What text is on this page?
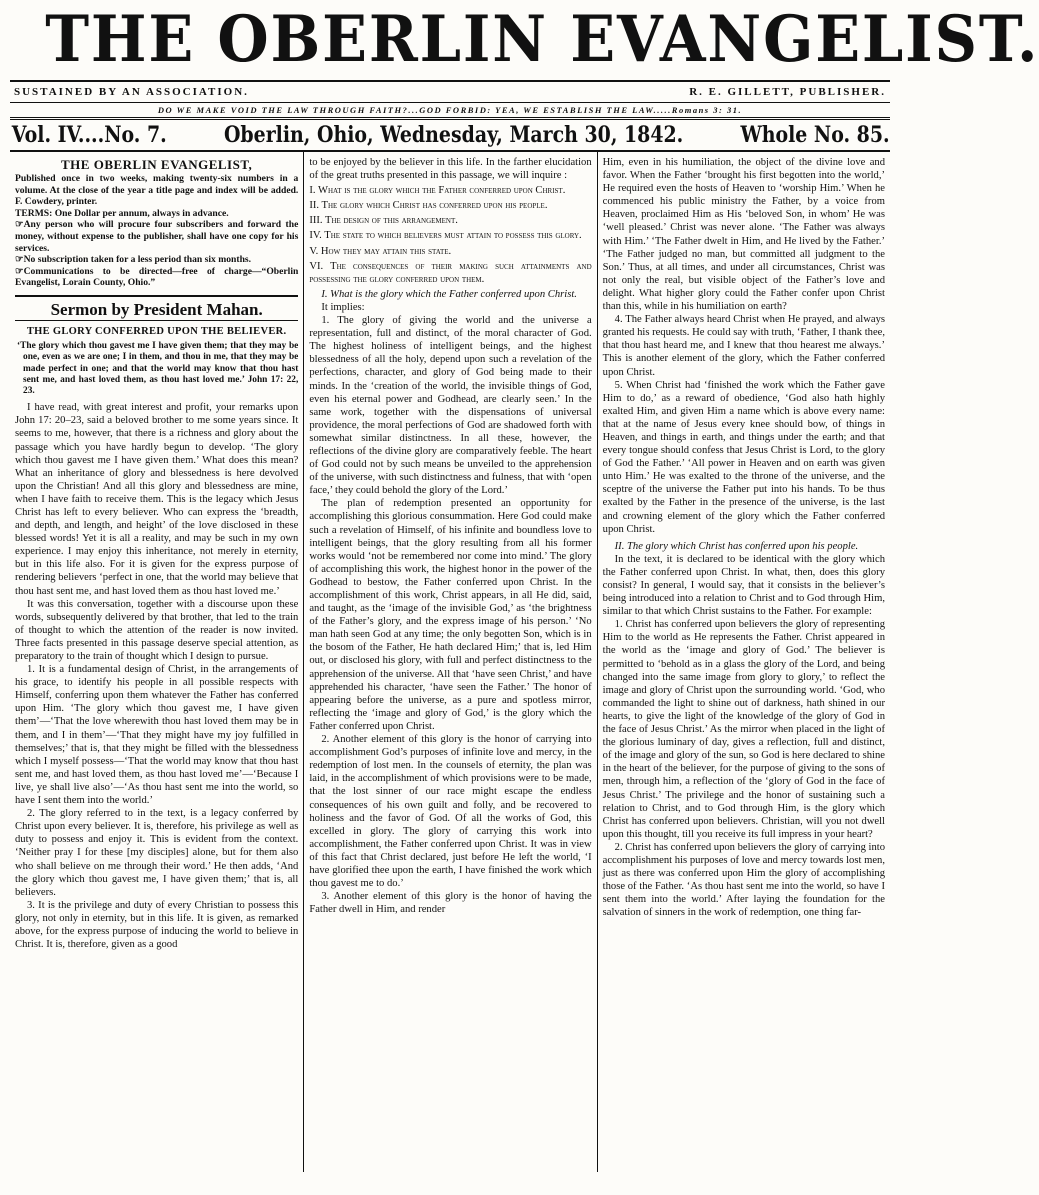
THE OBERLIN EVANGELIST.
SUSTAINED BY AN ASSOCIATION.	R. E. GILLETT, PUBLISHER.
DO WE MAKE VOID THE LAW THROUGH FAITH?...GOD FORBID: YEA, WE ESTABLISH THE LAW.....Romans 3: 31.
Vol. IV....No. 7.	Oberlin, Ohio, Wednesday, March 30, 1842.	Whole No. 85.
THE OBERLIN EVANGELIST,

Published once in two weeks, making twenty-six numbers in a volume. At the close of the year a title page and index will be added. F. Cowdery, printer.

TERMS: One Dollar per annum, always in advance.

☞Any person who will procure four subscribers and forward the money, without expense to the publisher, shall have one copy for his services.

☞No subscription taken for a less period than six months.

☞Communications to be directed—free of charge—“Oberlin Evangelist, Lorain County, Ohio.”

Sermon by President Mahan.
THE GLORY CONFERRED UPON THE BELIEVER.
‘The glory which thou gavest me I have given them; that they may be one, even as we are one; I in them, and thou in me, that they may be made perfect in one; and that the world may know that thou hast sent me, and hast loved them, as thou hast loved me.’ John 17: 22, 23.

I have read, with great interest and profit, your remarks upon John 17: 20–23, said a beloved brother to me some years since. It seems to me, however, that there is a richness and glory about the passage which you have hardly begun to develop. ‘The glory which thou gavest me I have given them.’ What does this mean? What an inheritance of glory and blessedness is here devolved upon the Christian! And all this glory and blessedness are mine, when I have faith to receive them. This is the legacy which Jesus Christ has left to every believer. Who can express the ‘breadth, and depth, and length, and height’ of the love disclosed in these blessed words! Yet it is all a reality, and may be such in my own experience. I may enjoy this inheritance, not merely in eternity, but in this life also. For it is given for the express purpose of rendering believers ‘perfect in one, that the world may believe that thou hast sent me, and hast loved them as thou hast loved me.’

It was this conversation, together with a discourse upon these words, subsequently delivered by that brother, that led to the train of thought to which the attention of the reader is now invited. Three facts presented in this passage deserve special attention, as preparatory to the train of thought which I design to pursue.

1. It is a fundamental design of Christ, in the arrangements of his grace, to identify his people in all possible respects with Himself, conferring upon them whatever the Father has conferred upon Him. ‘The glory which thou gavest me, I have given them’—‘That the love wherewith thou hast loved them may be in them, and I in them’—‘That they might have my joy fulfilled in themselves;’ that is, that they might be filled with the blessedness which I myself possess—‘That the world may know that thou hast sent me, and hast loved them, as thou hast loved me’—‘Because I live, ye shall live also’—‘As thou hast sent me into the world, so have I sent them into the world.’

2. The glory referred to in the text, is a legacy conferred by Christ upon every believer. It is, therefore, his privilege as well as duty to possess and enjoy it. This is evident from the context. ‘Neither pray I for these [my disciples] alone, but for them also who shall believe on me through their word.’ He then adds, ‘And the glory which thou gavest me, I have given them;’ that is, all believers.

3. It is the privilege and duty of every Christian to possess this glory, not only in eternity, but in this life. It is given, as remarked above, for the express purpose of inducing the world to believe in Christ. It is, therefore, given as a good

to be enjoyed by the believer in this life. In the farther elucidation of the great truths presented in this passage, we will inquire :

I. What is the glory which the Father conferred upon Christ.

II. The glory which Christ has conferred upon his people.

III. The design of this arrangement.

IV. The state to which believers must attain to possess this glory.

V. How they may attain this state.

VI. The consequences of their making such attainments and possessing the glory conferred upon them.

I. What is the glory which the Father conferred upon Christ.

It implies:

1. The glory of giving the world and the universe a representation, full and distinct, of the moral character of God. The highest holiness of intelligent beings, and the highest blessedness of all the holy, depend upon such a revelation of the perfections, character, and glory of God being made to their minds. In the ‘creation of the world, the invisible things of God, even his eternal power and Godhead, are clearly seen.’ In the same work, together with the dispensations of universal providence, the moral perfections of God are shadowed forth with somewhat similar distinctness. In all these, however, the reflections of the divine glory are comparatively feeble. The heart of God could not by such means be unveiled to the apprehension of the universe, with such distinctness and fulness, that with ‘open face,’ they could behold the glory of the Lord.’

The plan of redemption presented an opportunity for accomplishing this glorious consummation. Here God could make such a revelation of Himself, of his infinite and boundless love to intelligent beings, that the glory resulting from all his former works would ‘not be remembered nor come into mind.’ The glory of accomplishing this work, the highest honor in the power of the Godhead to bestow, the Father conferred upon Christ. In the accomplishment of this work, Christ appears, in all He did, said, and taught, as the ‘image of the invisible God,’ as ‘the brightness of the Father’s glory, and the express image of his person.’ ‘No man hath seen God at any time; the only begotten Son, which is in the bosom of the Father, He hath declared Him;’ that is, led Him out, or disclosed his glory, with full and perfect distinctness to the apprehension of the universe. All that ‘have seen Christ,’ and have apprehended his character, ‘have seen the Father.’ The honor of appearing before the universe, as a pure and spotless mirror, reflecting the ‘image and glory of God,’ is the glory which the Father conferred upon Christ.

2. Another element of this glory is the honor of carrying into accomplishment God’s purposes of infinite love and mercy, in the redemption of lost men. In the counsels of eternity, the plan was laid, in the accomplishment of which provisions were to be made, that the lost sinner of our race might escape the endless consequences of his own guilt and folly, and be recovered to holiness and the favor of God. Of all the works of God, this excelled in glory. The glory of carrying this work into accomplishment, the Father conferred upon Christ. It was in view of this fact that Christ declared, just before He left the world, ‘I have glorified thee upon the earth, I have finished the work which thou gavest me to do.’

3. Another element of this glory is the honor of having the Father dwell in Him, and render

Him, even in his humiliation, the object of the divine love and favor. When the Father ‘brought his first begotten into the world,’ He required even the hosts of Heaven to ‘worship Him.’ When he commenced his public ministry the Father, by a voice from Heaven, proclaimed Him as His ‘beloved Son, in whom’ He was ‘well pleased.’ Christ was never alone. ‘The Father was always with Him.’ ‘The Father dwelt in Him, and He lived by the Father.’ ‘The Father judged no man, but committed all judgment to the Son.’ Thus, at all times, and under all circumstances, Christ was not only the real, but visible object of the Father’s love and delight. What higher glory could the Father confer upon Christ than this, while in his humiliation on earth?

4. The Father always heard Christ when He prayed, and always granted his requests. He could say with truth, ‘Father, I thank thee, that thou hast heard me, and I knew that thou hearest me always.’ This is another element of the glory, which the Father conferred upon Christ.

5. When Christ had ‘finished the work which the Father gave Him to do,’ as a reward of obedience, ‘God also hath highly exalted Him, and given Him a name which is above every name: that at the name of Jesus every knee should bow, of things in Heaven, and things in earth, and things under the earth; and that every tongue should confess that Jesus Christ is Lord, to the glory of God the Father.’ ‘All power in Heaven and on earth was given unto Him.’ He was exalted to the throne of the universe, and the sceptre of the universe the Father put into his hands. To be thus exalted by the Father in the presence of the universe, is the last and crowning element of the glory which the Father conferred upon Christ.

II. The glory which Christ has conferred upon his people.

In the text, it is declared to be identical with the glory which the Father conferred upon Christ. In what, then, does this glory consist? In general, I would say, that it consists in the believer’s being introduced into a relation to Christ and to God through Him, similar to that which Christ sustains to the Father. For example:

1. Christ has conferred upon believers the glory of representing Him to the world as He represents the Father. Christ appeared in the world as the ‘image and glory of God.’ The believer is permitted to ‘behold as in a glass the glory of the Lord, and being changed into the same image from glory to glory,’ to reflect the image and glory of Christ upon the surrounding world. ‘God, who commanded the light to shine out of darkness, hath shined in our hearts, to give the light of the knowledge of the glory of God in the face of Jesus Christ.’ As the mirror when placed in the light of the glorious luminary of day, gives a reflection, full and distinct, of the image and glory of the sun, so God is here declared to shine in the heart of the believer, for the purpose of giving to the sons of men, through him, a reflection of the ‘glory of God in the face of Jesus Christ.’ The privilege and the honor of sustaining such a relation to Christ, and to God through Him, is the glory which Christ has conferred upon believers. Christian, will you not dwell upon this thought, till you receive its full impress in your heart?

2. Christ has conferred upon believers the glory of carrying into accomplishment his purposes of love and mercy towards lost men, just as there was conferred upon Him the glory of accomplishing those of the Father. ‘As thou hast sent me into the world, so have I sent them into the world.’ After laying the foundation for the salvation of sinners in the work of redemption, one thing far-
